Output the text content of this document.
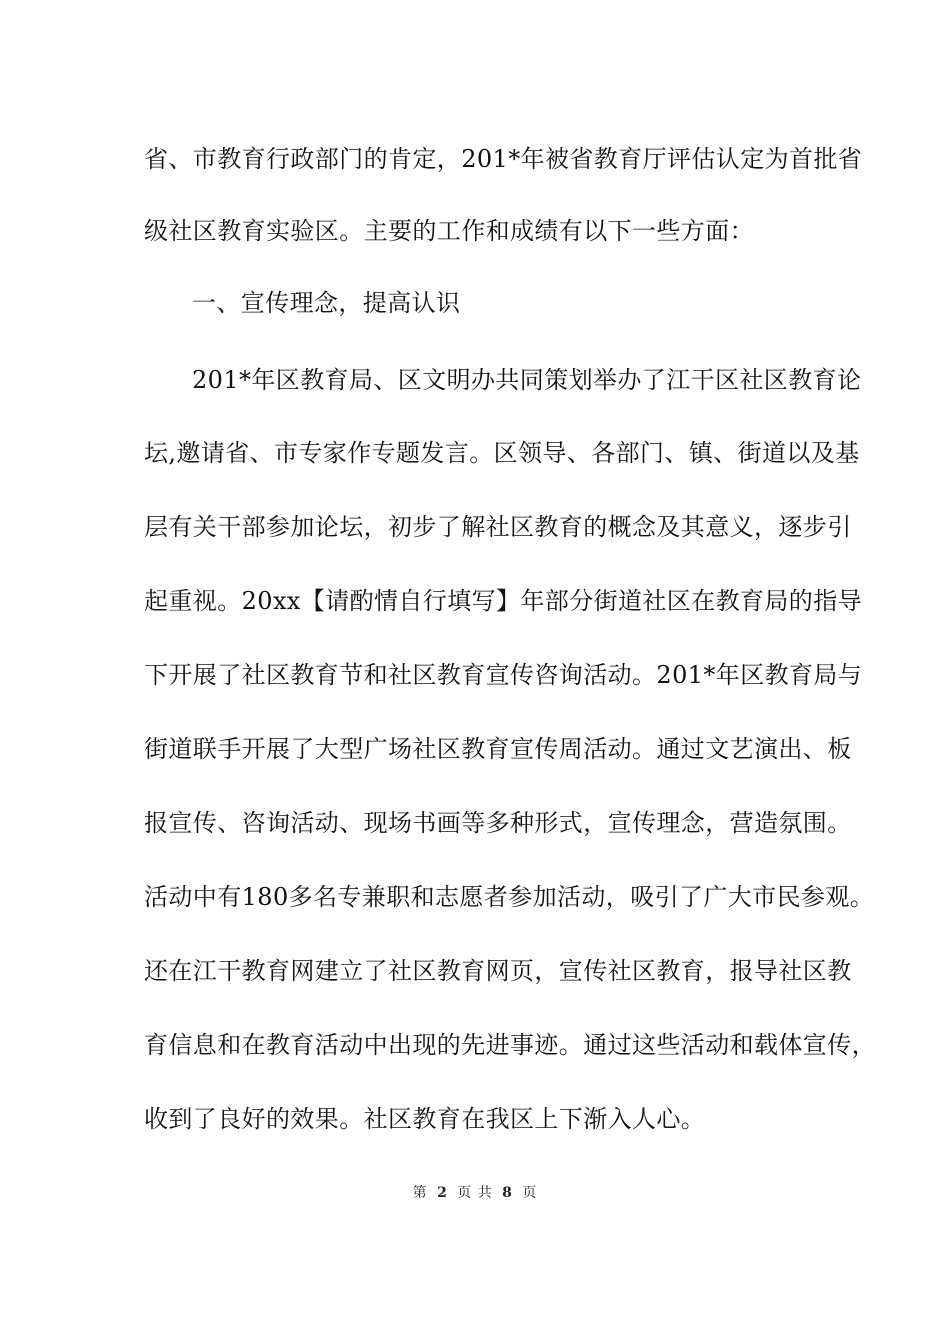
省、市教育行政部门的肯定，201*年被省教育厅评估认定为首批省
级社区教育实验区。主要的工作和成绩有以下一些方面：
一、宣传理念，提高认识
201*年区教育局、区文明办共同策划举办了江干区社区教育论
坛,邀请省、市专家作专题发言。区领导、各部门、镇、街道以及基
层有关干部参加论坛，初步了解社区教育的概念及其意义，逐步引
起重视。20xx【请酌情自行填写】年部分街道社区在教育局的指导
下开展了社区教育节和社区教育宣传咨询活动。201*年区教育局与
街道联手开展了大型广场社区教育宣传周活动。通过文艺演出、板
报宣传、咨询活动、现场书画等多种形式，宣传理念，营造氛围。
活动中有180多名专兼职和志愿者参加活动，吸引了广大市民参观。
还在江干教育网建立了社区教育网页，宣传社区教育，报导社区教
育信息和在教育活动中出现的先进事迹。通过这些活动和载体宣传，
收到了良好的效果。社区教育在我区上下渐入人心。
第 2 页 共 8 页
